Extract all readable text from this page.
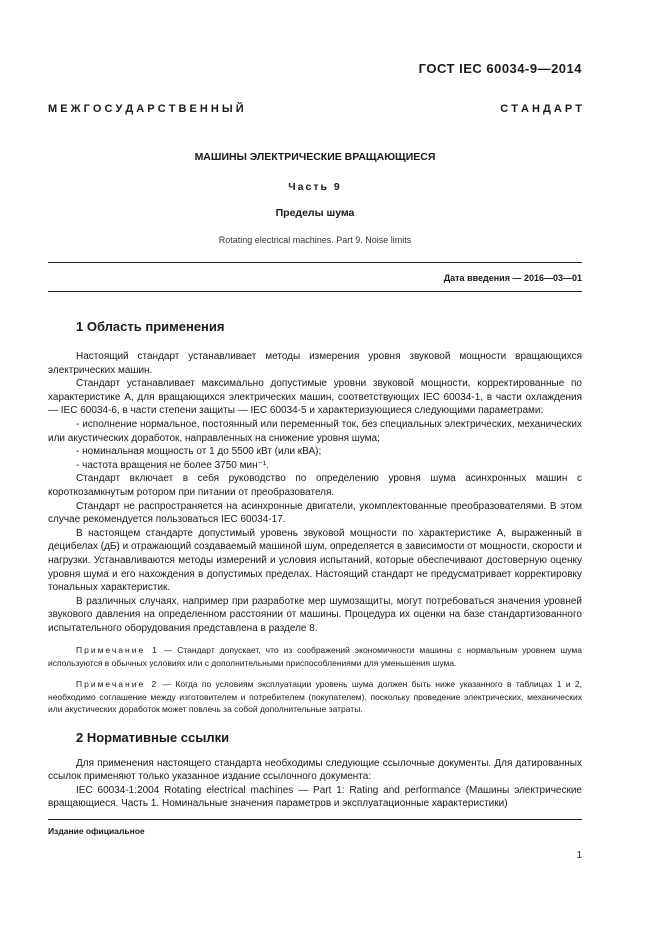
ГОСТ IEC 60034-9—2014
М Е Ж Г О С У Д А Р С Т В Е Н Н Ы Й	С Т А Н Д А Р Т
МАШИНЫ ЭЛЕКТРИЧЕСКИЕ ВРАЩАЮЩИЕСЯ
Часть 9
Пределы шума
Rotating electrical machines. Part 9. Noise limits
Дата введения — 2016—03—01
1 Область применения

Настоящий стандарт устанавливает методы измерения уровня звуковой мощности вращающихся электрических машин.

Стандарт устанавливает максимально допустимые уровни звуковой мощности, корректированные по характеристике А, для вращающихся электрических машин, соответствующих IEC 60034-1, в части охлаждения — IEC 60034-6, в части степени защиты — IEC 60034-5 и характеризующиеся следующими параметрами:

- исполнение нормальное, постоянный или переменный ток, без специальных электрических, механических или акустических доработок, направленных на снижение уровня шума;

- номинальная мощность от 1 до 5500 кВт (или кВА);

- частота вращения не более 3750 мин⁻¹.

Стандарт включает в себя руководство по определению уровня шума асинхронных машин с короткозамкнутым ротором при питании от преобразователя.

Стандарт не распространяется на асинхронные двигатели, укомплектованные преобразователями. В этом случае рекомендуется пользоваться IEC 60034-17.

В настоящем стандарте допустимый уровень звуковой мощности по характеристике А, выраженный в децибелах (дБ) и отражающий создаваемый машиной шум, определяется в зависимости от мощности, скорости и нагрузки. Устанавливаются методы измерений и условия испытаний, которые обеспечивают достоверную оценку уровня шума и его нахождения в допустимых пределах. Настоящий стандарт не предусматривает корректировку тональных характеристик.

В различных случаях, например при разработке мер шумозащиты, могут потребоваться значения уровней звукового давления на определенном расстоянии от машины. Процедура их оценки на базе стандартизованного испытательного оборудования представлена в разделе 8.

Примечание 1 — Стандарт допускает, что из соображений экономичности машины с нормальным уровнем шума используются в обычных условиях или с дополнительными приспособлениями для уменьшения шума.

Примечание 2 — Когда по условиям эксплуатации уровень шума должен быть ниже указанного в таблицах 1 и 2, необходимо соглашение между изготовителем и потребителем (покупателем), поскольку проведение электрических, механических или акустических доработок может повлечь за собой дополнительные затраты.

2 Нормативные ссылки

Для применения настоящего стандарта необходимы следующие ссылочные документы. Для датированных ссылок применяют только указанное издание ссылочного документа:

IEC 60034-1:2004 Rotating electrical machines — Part 1: Rating and performance (Машины электрические вращающиеся. Часть 1. Номинальные значения параметров и эксплуатационные характеристики)

Издание официальное
1
